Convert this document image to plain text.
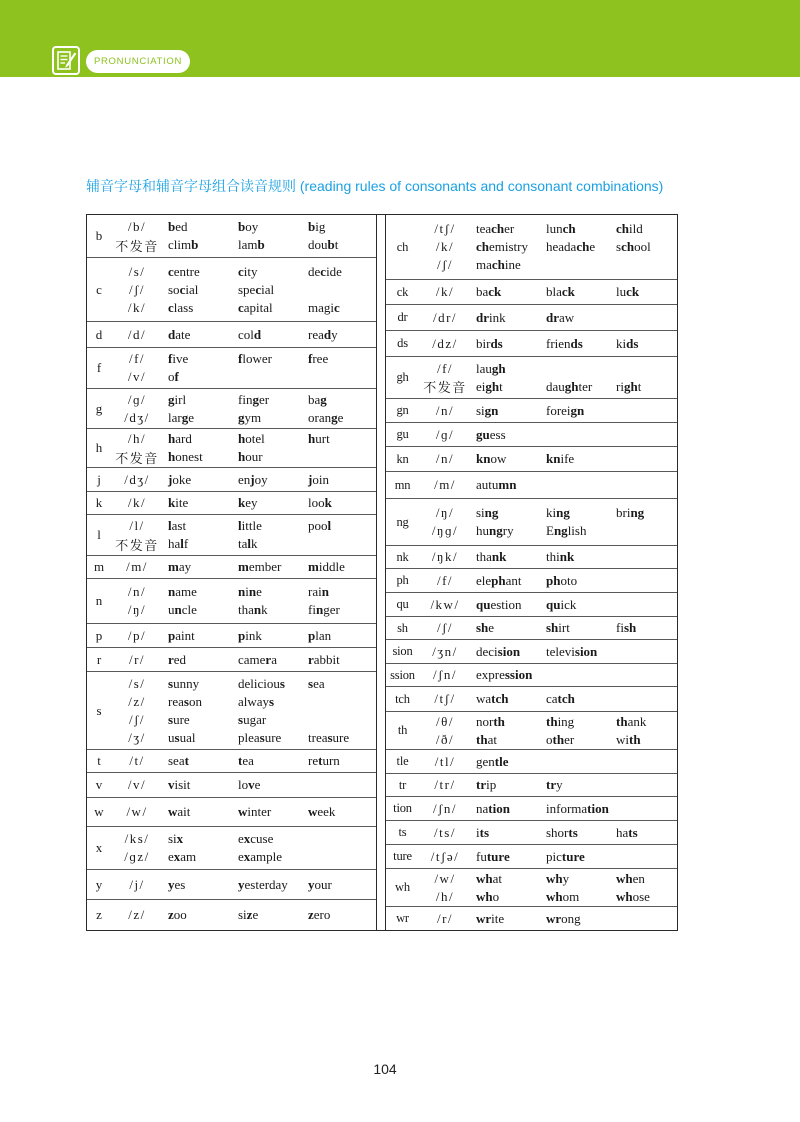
PRONUNCIATION
辅音字母和辅音字母组合读音规则 (reading rules of consonants and consonant combinations)
b
/b/	bed	boy	big
不发音 climb	lamb	doubt
c
/s/	centre	city	decide
/ʃ/	social	special
/k/	class	capital	magic
d	/d/	date	cold	ready
f
/f/	five	flower	free
/v/	of
g
/ɡ/	girl	finger	bag
/dʒ/	large	gym	orange
h
/h/	hard	hotel	hurt
不发音 honest	hour
j	/dʒ/	joke	enjoy	join
k	/k/	kite	key	look
l
/l/	last	little	pool
不发音 half	talk
m	/m/	may	member	middle
n
/n/	name	nine	rain
/ŋ/	uncle	thank	finger
p	/p/	paint	pink	plan
r	/r/	red	camera	rabbit
s
/s/	sunny	delicious	sea
/z/	reason	always
/ʃ/	sure	sugar
/ʒ/	usual	pleasure	treasure
t	/t/	seat	tea	return
v	/v/	visit	love
w	/w/	wait	winter	week
x
/ks/	six	excuse
/ɡz/	exam	example
y	/j/	yes	yesterday	your
z	/z/	zoo	size	zero
ch
/tʃ/	teacher	lunch	child
/k/	chemistry	headache	school
/ʃ/	machine
ck	/k/	back	black	luck
dr	/dr/	drink	draw
ds	/dz/	birds	friends	kids
gh
/f/	laugh
不发音 eight	daughter	right
gn	/n/	sign	foreign
gu	/ɡ/	guess
kn	/n/	know	knife
mn	/m/	autumn
ng
/ŋ/	sing	king	bring
/ŋɡ/	hungry	English
nk	/ŋk/	thank	think
ph	/f/	elephant	photo
qu	/kw/	question	quick
sh	/ʃ/	she	shirt	fish
sion	/ʒn/	decision	television
ssion	/ʃn/	expression
tch	/tʃ/	watch	catch
th
/θ/	north	thing	thank
/ð/	that	other	with
tle	/tl/	gentle
tr	/tr/	trip	try
tion	/ʃn/	nation	information
ts	/ts/	its	shorts	hats
ture	/tʃə/	future	picture
wh
/w/	what	why	when
/h/	who	whom	whose
wr	/r/	write	wrong
104
